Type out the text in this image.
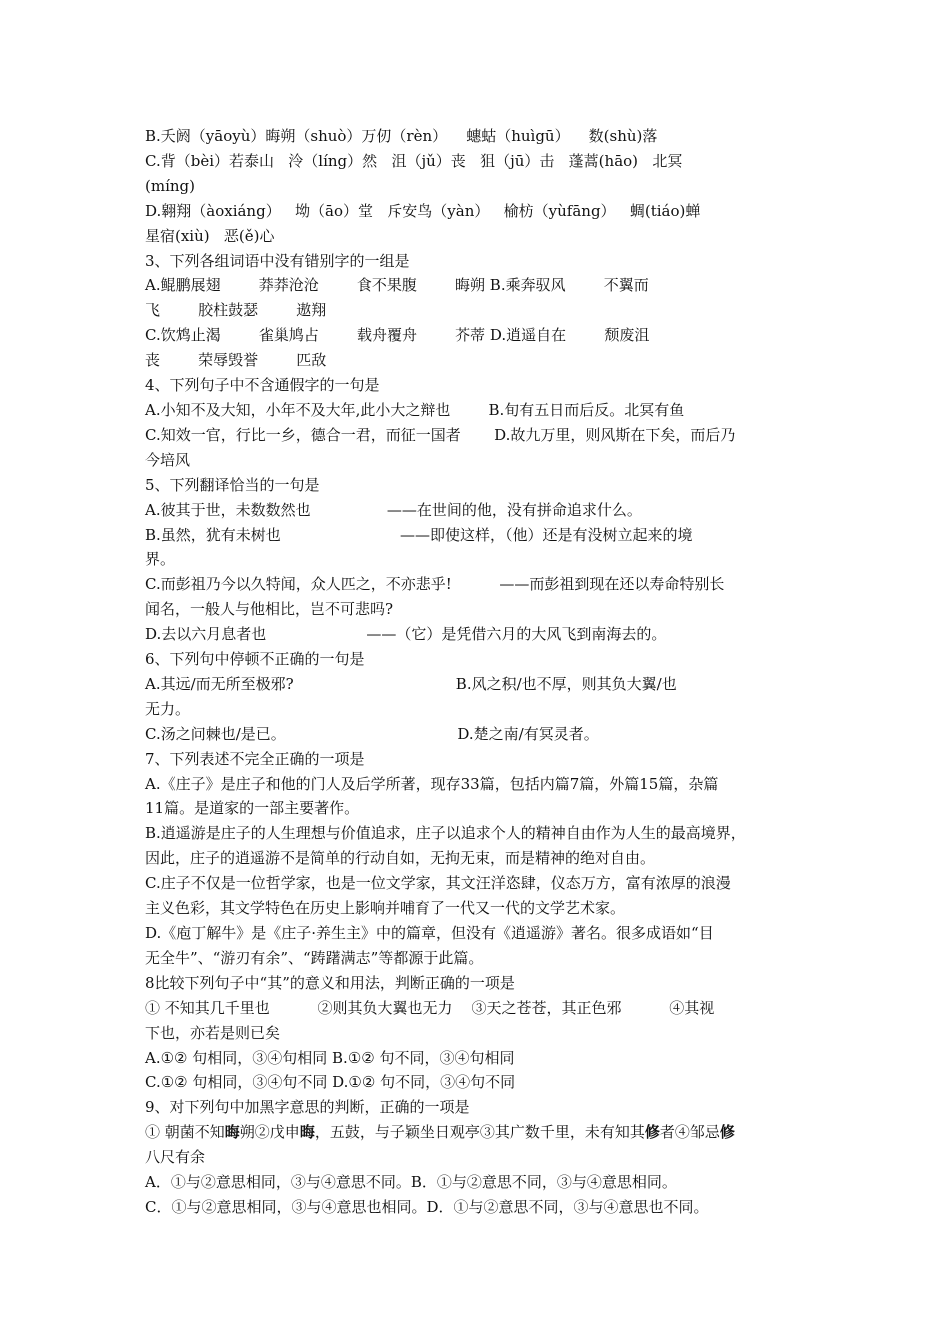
B.夭阏（yāoyù）晦朔（shuò）万仞（rèn）    蟪蛄（huìgū）    数(shù)落

C.背（bèi）若泰山   泠（líng）然   沮（jǔ）丧   狙（jū）击   蓬蒿(hāo)   北冥

(míng)

D.翱翔（àoxiáng）   坳（āo）堂   斥安鸟（yàn）   榆枋（yùfāng）   蜩(tiáo)蝉

星宿(xiù)   恶(ě)心

3、下列各组词语中没有错别字的一组是

A.鲲鹏展翅        莽莽沧沧        食不果腹        晦朔 B.乘奔驭风        不翼而

飞        胶柱鼓瑟        遨翔

C.饮鸩止渴        雀巢鸠占        载舟覆舟        芥蒂 D.逍遥自在        颓废沮

丧        荣辱毁誉        匹敌

4、下列句子中不含通假字的一句是

A.小知不及大知，小年不及大年,此小大之辩也        B.旬有五日而后反。北冥有鱼

C.知效一官，行比一乡，德合一君，而征一国者       D.故九万里，则风斯在下矣，而后乃

今培风

5、下列翻译恰当的一句是

A.彼其于世，未数数然也                ——在世间的他，没有拼命追求什么。

B.虽然，犹有未树也                         ——即使这样，（他）还是有没树立起来的境

界。

C.而彭祖乃今以久特闻，众人匹之，不亦悲乎!          ——而彭祖到现在还以寿命特别长

闻名，一般人与他相比，岂不可悲吗?

D.去以六月息者也                     ——（它）是凭借六月的大风飞到南海去的。

6、下列句中停顿不正确的一句是

A.其远/而无所至极邪?                                  B.风之积/也不厚，则其负大翼/也

无力。

C.汤之问棘也/是已。                                    D.楚之南/有冥灵者。

7、下列表述不完全正确的一项是

A.《庄子》是庄子和他的门人及后学所著，现存33篇，包括内篇7篇，外篇15篇，杂篇

11篇。是道家的一部主要著作。

B.逍遥游是庄子的人生理想与价值追求，庄子以追求个人的精神自由作为人生的最高境界，

因此，庄子的逍遥游不是简单的行动自如，无拘无束，而是精神的绝对自由。

C.庄子不仅是一位哲学家，也是一位文学家，其文汪洋恣肆，仪态万方，富有浓厚的浪漫

主义色彩，其文学特色在历史上影响并哺育了一代又一代的文学艺术家。

D.《庖丁解牛》是《庄子·养生主》中的篇章，但没有《逍遥游》著名。很多成语如“目

无全牛”、“游刃有余”、“踌躇满志”等都源于此篇。

8比较下列句子中“其”的意义和用法，判断正确的一项是

① 不知其几千里也          ②则其负大翼也无力    ③天之苍苍，其正色邪          ④其视

下也，亦若是则已矣

A.①② 句相同，③④句相同 B.①② 句不同，③④句相同

C.①② 句相同，③④句不同 D.①② 句不同，③④句不同

9、对下列句中加黑字意思的判断，正确的一项是

① 朝菌不知晦朔②戊申晦，五鼓，与子颖坐日观亭③其广数千里，未有知其修者④邹忌修

八尺有余

A．①与②意思相同，③与④意思不同。B．①与②意思不同，③与④意思相同。

C．①与②意思相同，③与④意思也相同。D．①与②意思不同，③与④意思也不同。
